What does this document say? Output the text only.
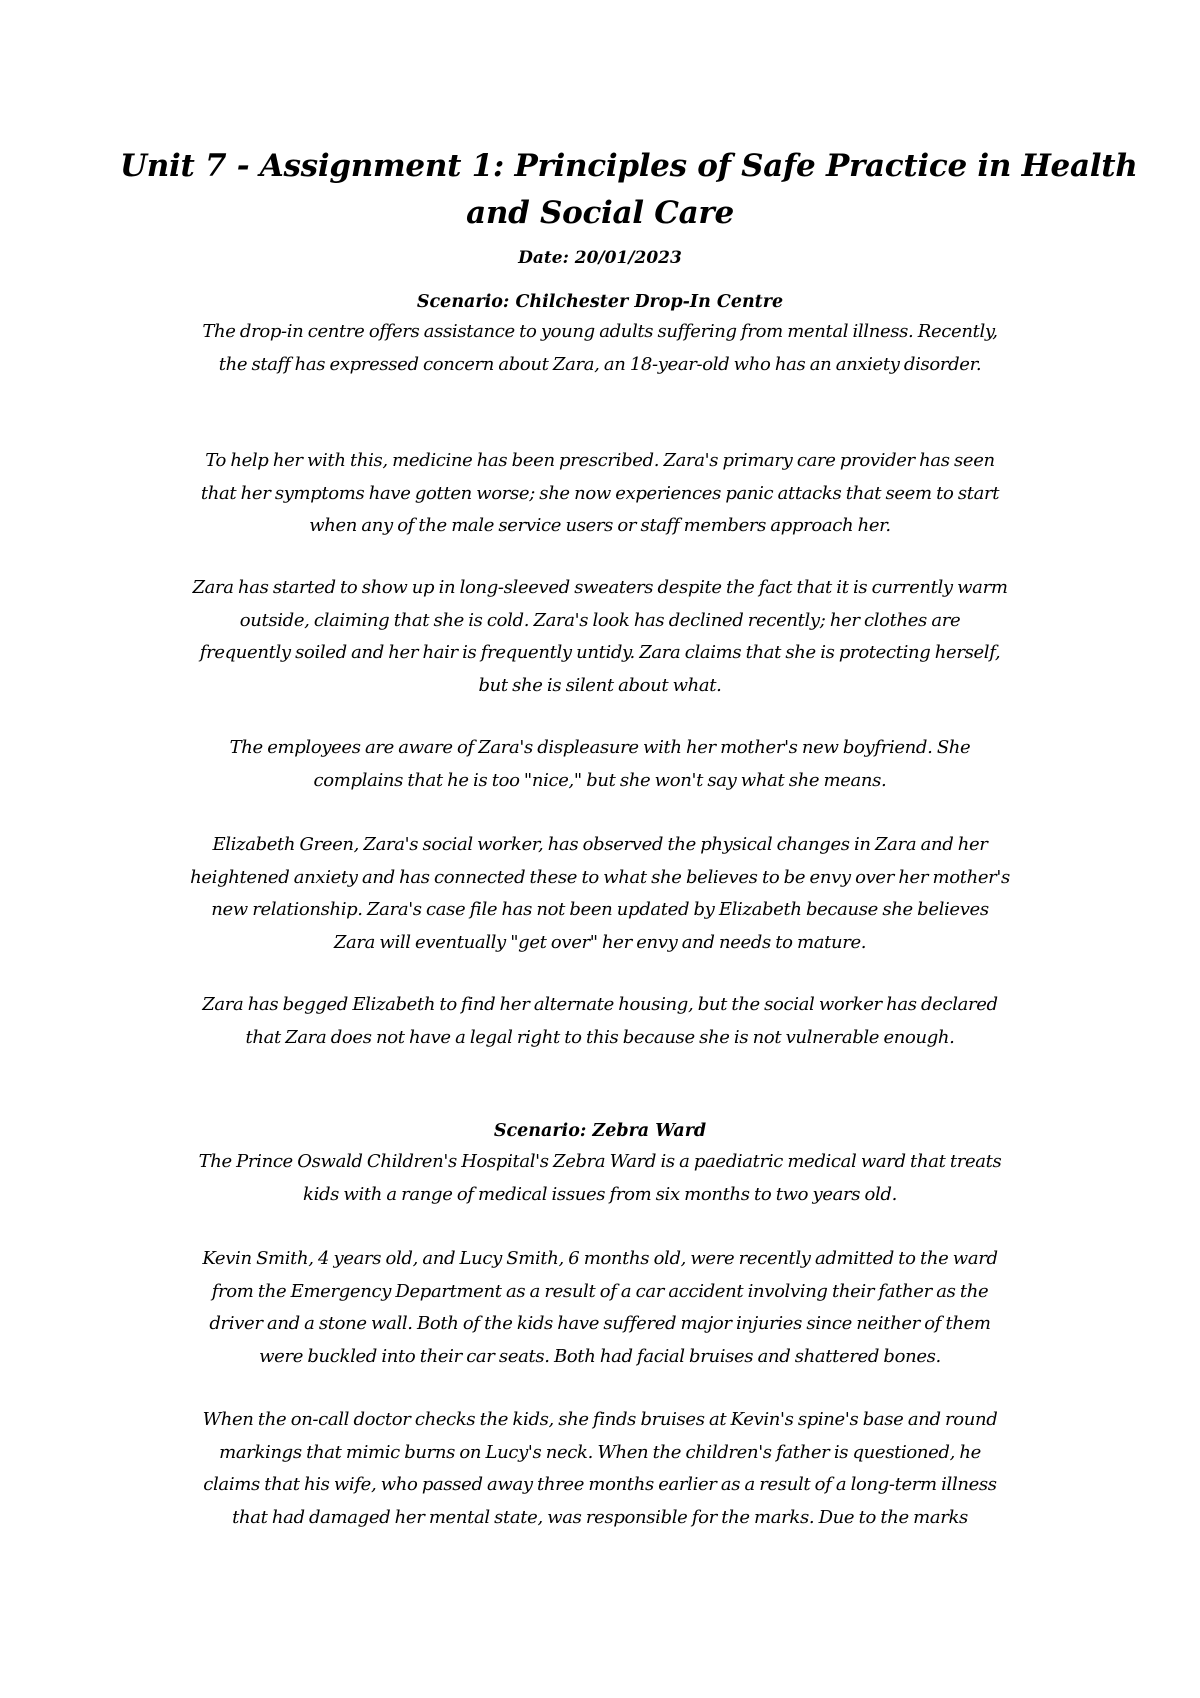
Unit 7 - Assignment 1: Principles of Safe Practice in Health
and Social Care
Date: 20/01/2023
Scenario: Chilchester Drop-In Centre

The drop-in centre offers assistance to young adults suffering from mental illness. Recently,
the staff has expressed concern about Zara, an 18-year-old who has an anxiety disorder.

To help her with this, medicine has been prescribed. Zara's primary care provider has seen
that her symptoms have gotten worse; she now experiences panic attacks that seem to start
when any of the male service users or staff members approach her.

Zara has started to show up in long-sleeved sweaters despite the fact that it is currently warm
outside, claiming that she is cold. Zara's look has declined recently; her clothes are
frequently soiled and her hair is frequently untidy. Zara claims that she is protecting herself,
but she is silent about what.

The employees are aware of Zara's displeasure with her mother's new boyfriend. She
complains that he is too "nice," but she won't say what she means.

Elizabeth Green, Zara's social worker, has observed the physical changes in Zara and her
heightened anxiety and has connected these to what she believes to be envy over her mother's
new relationship. Zara's case file has not been updated by Elizabeth because she believes
Zara will eventually "get over" her envy and needs to mature.

Zara has begged Elizabeth to find her alternate housing, but the social worker has declared
that Zara does not have a legal right to this because she is not vulnerable enough.

Scenario: Zebra Ward

The Prince Oswald Children's Hospital's Zebra Ward is a paediatric medical ward that treats
kids with a range of medical issues from six months to two years old.

Kevin Smith, 4 years old, and Lucy Smith, 6 months old, were recently admitted to the ward
from the Emergency Department as a result of a car accident involving their father as the
driver and a stone wall. Both of the kids have suffered major injuries since neither of them
were buckled into their car seats. Both had facial bruises and shattered bones.

When the on-call doctor checks the kids, she finds bruises at Kevin's spine's base and round
markings that mimic burns on Lucy's neck. When the children's father is questioned, he
claims that his wife, who passed away three months earlier as a result of a long-term illness
that had damaged her mental state, was responsible for the marks. Due to the marks
